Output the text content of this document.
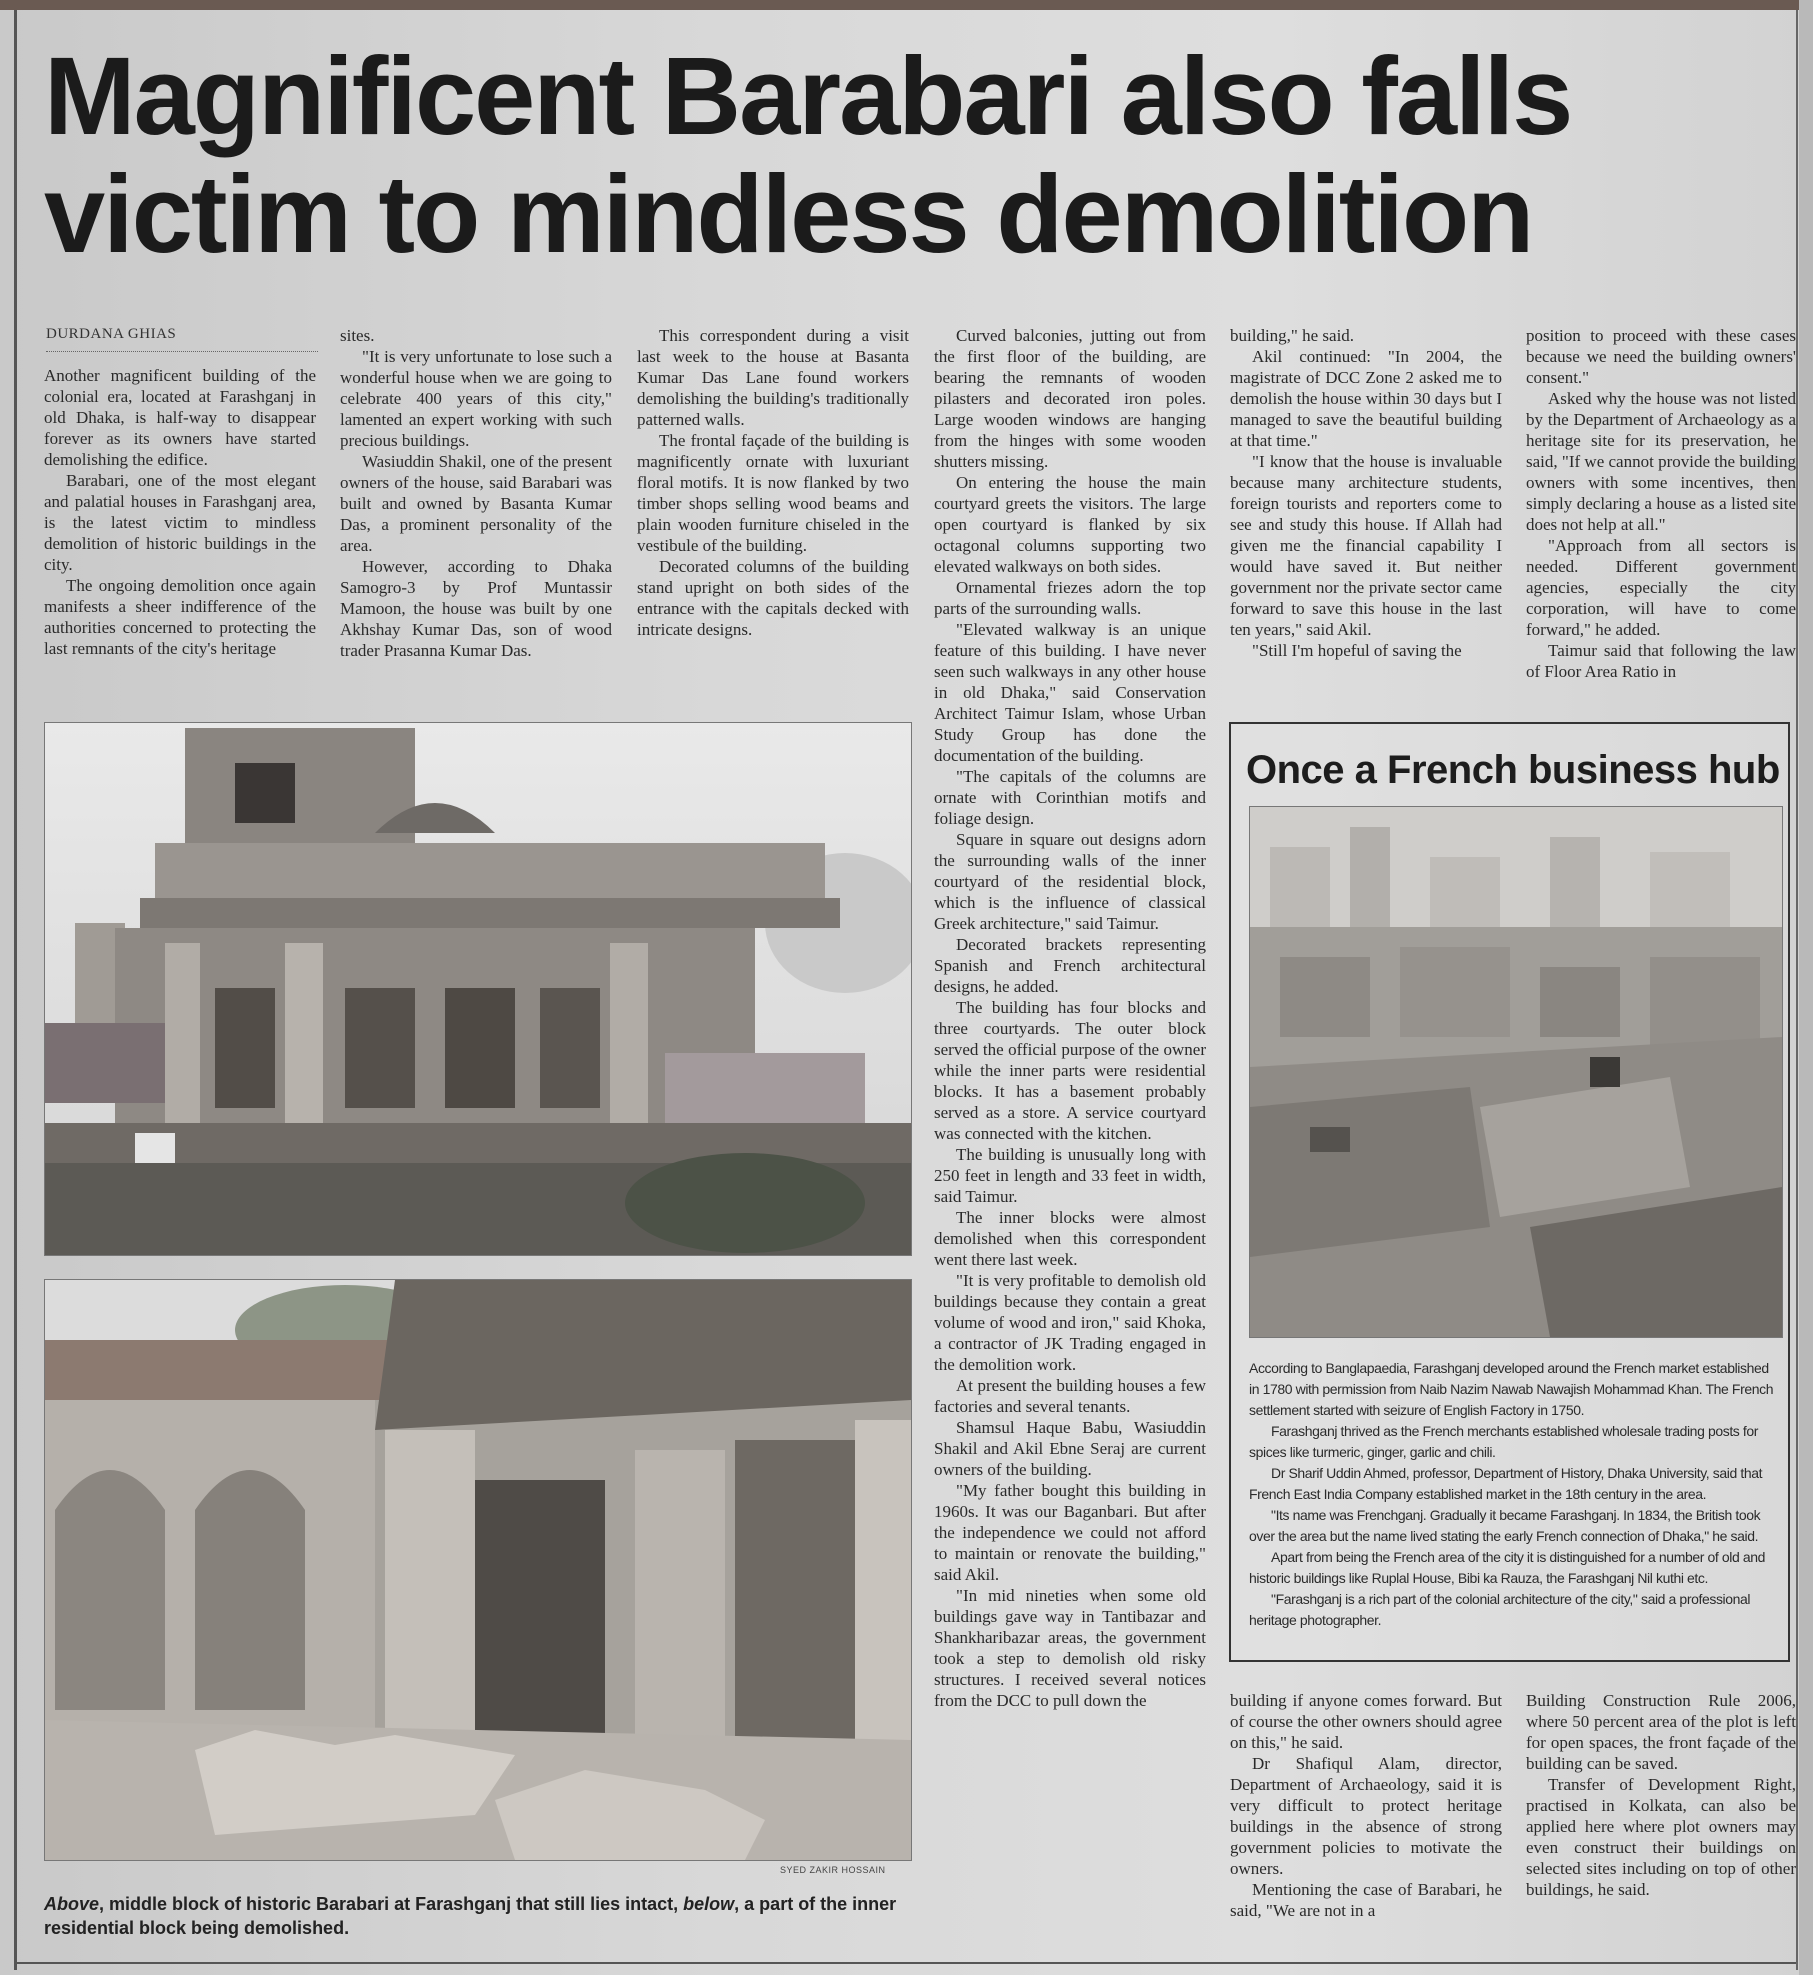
Magnificent Barabari also falls victim to mindless demolition
DURDANA GHIAS

Another magnificent building of the colonial era, located at Farashganj in old Dhaka, is half-way to disappear forever as its owners have started demolishing the edifice.

Barabari, one of the most elegant and palatial houses in Farashganj area, is the latest victim to mindless demolition of historic buildings in the city.

The ongoing demolition once again manifests a sheer indifference of the authorities concerned to protecting the last remnants of the city's heritage

sites.

"It is very unfortunate to lose such a wonderful house when we are going to celebrate 400 years of this city," lamented an expert working with such precious buildings.

Wasiuddin Shakil, one of the present owners of the house, said Barabari was built and owned by Basanta Kumar Das, a prominent personality of the area.

However, according to Dhaka Samogro-3 by Prof Muntassir Mamoon, the house was built by one Akhshay Kumar Das, son of wood trader Prasanna Kumar Das.

This correspondent during a visit last week to the house at Basanta Kumar Das Lane found workers demolishing the building's traditionally patterned walls.

The frontal façade of the building is magnificently ornate with luxuriant floral motifs. It is now flanked by two timber shops selling wood beams and plain wooden furniture chiseled in the vestibule of the building.

Decorated columns of the building stand upright on both sides of the entrance with the capitals decked with intricate designs.

Curved balconies, jutting out from the first floor of the building, are bearing the remnants of wooden pilasters and decorated iron poles. Large wooden windows are hanging from the hinges with some wooden shutters missing.

On entering the house the main courtyard greets the visitors. The large open courtyard is flanked by six octagonal columns supporting two elevated walkways on both sides.

Ornamental friezes adorn the top parts of the surrounding walls.

"Elevated walkway is an unique feature of this building. I have never seen such walkways in any other house in old Dhaka," said Conservation Architect Taimur Islam, whose Urban Study Group has done the documentation of the building.

"The capitals of the columns are ornate with Corinthian motifs and foliage design.

Square in square out designs adorn the surrounding walls of the inner courtyard of the residential block, which is the influence of classical Greek architecture," said Taimur.

Decorated brackets representing Spanish and French architectural designs, he added.

The building has four blocks and three courtyards. The outer block served the official purpose of the owner while the inner parts were residential blocks. It has a basement probably served as a store. A service courtyard was connected with the kitchen.

The building is unusually long with 250 feet in length and 33 feet in width, said Taimur.

The inner blocks were almost demolished when this correspondent went there last week.

"It is very profitable to demolish old buildings because they contain a great volume of wood and iron," said Khoka, a contractor of JK Trading engaged in the demolition work.

At present the building houses a few factories and several tenants.

Shamsul Haque Babu, Wasiuddin Shakil and Akil Ebne Seraj are current owners of the building.

"My father bought this building in 1960s. It was our Baganbari. But after the independence we could not afford to maintain or renovate the building," said Akil.

"In mid nineties when some old buildings gave way in Tantibazar and Shankharibazar areas, the government took a step to demolish old risky structures. I received several notices from the DCC to pull down the

building," he said.

Akil continued: "In 2004, the magistrate of DCC Zone 2 asked me to demolish the house within 30 days but I managed to save the beautiful building at that time."

"I know that the house is invaluable because many architecture students, foreign tourists and reporters come to see and study this house. If Allah had given me the financial capability I would have saved it. But neither government nor the private sector came forward to save this house in the last ten years," said Akil.

"Still I'm hopeful of saving the

position to proceed with these cases because we need the building owners' consent."

Asked why the house was not listed by the Department of Archaeology as a heritage site for its preservation, he said, "If we cannot provide the building owners with some incentives, then simply declaring a house as a listed site does not help at all."

"Approach from all sectors is needed. Different government agencies, especially the city corporation, will have to come forward," he added.

Taimur said that following the law of Floor Area Ratio in

SYED ZAKIR HOSSAIN
Above, middle block of historic Barabari at Farashganj that still lies intact, below, a part of the inner residential block being demolished.
Once a French business hub

According to Banglapaedia, Farashganj developed around the French market established in 1780 with permission from Naib Nazim Nawab Nawajish Mohammad Khan. The French settlement started with seizure of English Factory in 1750.

Farashganj thrived as the French merchants established wholesale trading posts for spices like turmeric, ginger, garlic and chili.

Dr Sharif Uddin Ahmed, professor, Department of History, Dhaka University, said that French East India Company established market in the 18th century in the area.

"Its name was Frenchganj. Gradually it became Farashganj. In 1834, the British took over the area but the name lived stating the early French connection of Dhaka," he said.

Apart from being the French area of the city it is distinguished for a number of old and historic buildings like Ruplal House, Bibi ka Rauza, the Farashganj Nil kuthi etc.

"Farashganj is a rich part of the colonial architecture of the city," said a professional heritage photographer.

building if anyone comes forward. But of course the other owners should agree on this," he said.

Dr Shafiqul Alam, director, Department of Archaeology, said it is very difficult to protect heritage buildings in the absence of strong government policies to motivate the owners.

Mentioning the case of Barabari, he said, "We are not in a

Building Construction Rule 2006, where 50 percent area of the plot is left for open spaces, the front façade of the building can be saved.

Transfer of Development Right, practised in Kolkata, can also be applied here where plot owners may even construct their buildings on selected sites including on top of other buildings, he said.
